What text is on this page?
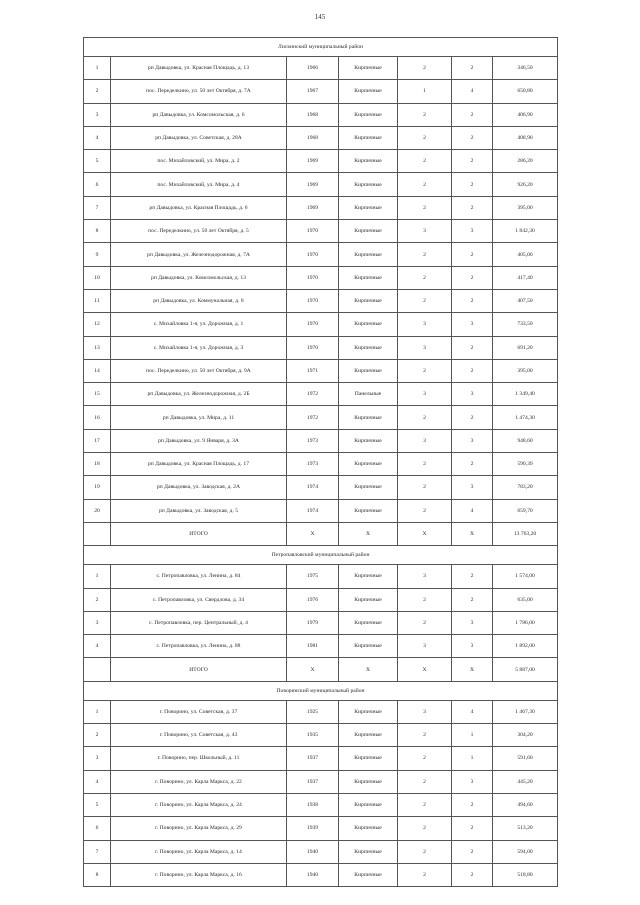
145
Лискинский муниципальный район						
1	рп Давыдовка, ул. Красная Площадь, д. 13	1966	Кирпичные	2	2	346,50
2	пос. Переделкино, ул. 50 лет Октября, д. 7А	1967	Кирпичные	1	4	650,80
3	рп Давыдовка, ул. Комсомольская, д. 6	1968	Кирпичные	2	2	406,90
4	рп Давыдовка, ул. Советская, д. 28А	1968	Кирпичные	2	2	408,90
5	пос. Михайловский, ул. Мира, д. 2	1969	Кирпичные	2	2	286,20
6	пос. Михайловский, ул. Мира, д. 4	1969	Кирпичные	2	2	926,20
7	рп Давыдовка, ул. Красная Площадь, д. 6	1969	Кирпичные	2	2	395,00
8	пос. Переделкино, ул. 50 лет Октября, д. 5	1970	Кирпичные	3	3	1 842,30
9	рп Давыдовка, ул. Железнодорожная, д. 7А	1970	Кирпичные	2	2	405,00
10	рп Давыдовка, ул. Комсомольская, д. 13	1970	Кирпичные	2	2	417,40
11	рп Давыдовка, ул. Коммунальная, д. 8	1970	Кирпичные	2	2	407,50
12	с. Михайловка 1-я, ул. Дорожная, д. 1	1970	Кирпичные	3	3	733,50
13	с. Михайловка 1-я, ул. Дорожная, д. 3	1970	Кирпичные	3	2	691,20
14	пос. Переделкино, ул. 50 лет Октября, д. 9А	1971	Кирпичные	2	2	395,00
15	рп Давыдовка, ул. Железнодорожная, д. 2Б	1972	Панельные	3	3	1 349,40
16	рп Давыдовка, ул. Мира, д. 11	1972	Кирпичные	2	2	1 474,30
17	рп Давыдовка, ул. 9 Января, д. 3А	1973	Кирпичные	3	3	948,60
18	рп Давыдовка, ул. Красная Площадь, д. 17	1973	Кирпичные	2	2	590,39
19	рп Давыдовка, ул. Заводская, д. 2А	1974	Кирпичные	2	3	783,20
20	рп Давыдовка, ул. Заводская, д. 5	1974	Кирпичные	2	4	659,70
	ИТОГО	X	X	X	X	13 763,20
Петропавловский муниципальный район						
1	с. Петропавловка, ул. Ленина, д. 84	1975	Кирпичные	3	2	1 574,00
2	с. Петропавловка, ул. Свердлова, д. 34	1976	Кирпичные	2	2	635,00
3	с. Петропавловка, пер. Центральный, д. 4	1979	Кирпичные	2	3	1 786,00
4	с. Петропавловка, ул. Ленина, д. 88	1981	Кирпичные	3	3	1 892,00
	ИТОГО	X	X	X	X	5 887,00
Поворинский муниципальный район						
1	г. Поворино, ул. Советская, д. 37	1925	Кирпичные	3	4	1 467,30
2	г. Поворино, ул. Советская, д. 43	1935	Кирпичные	2	1	304,20
3	г. Поворино, пер. Школьный, д. 11	1937	Кирпичные	2	1	591,60
4	г. Поворино, ул. Карла Маркса, д. 22	1937	Кирпичные	2	3	445,20
5	г. Поворино, ул. Карла Маркса, д. 24	1938	Кирпичные	2	2	494,60
6	г. Поворино, ул. Карла Маркса, д. 29	1939	Кирпичные	2	2	513,20
7	г. Поворино, ул. Карла Маркса, д. 14	1940	Кирпичные	2	2	594,00
8	г. Поворино, ул. Карла Маркса, д. 16	1940	Кирпичные	2	2	518,80
